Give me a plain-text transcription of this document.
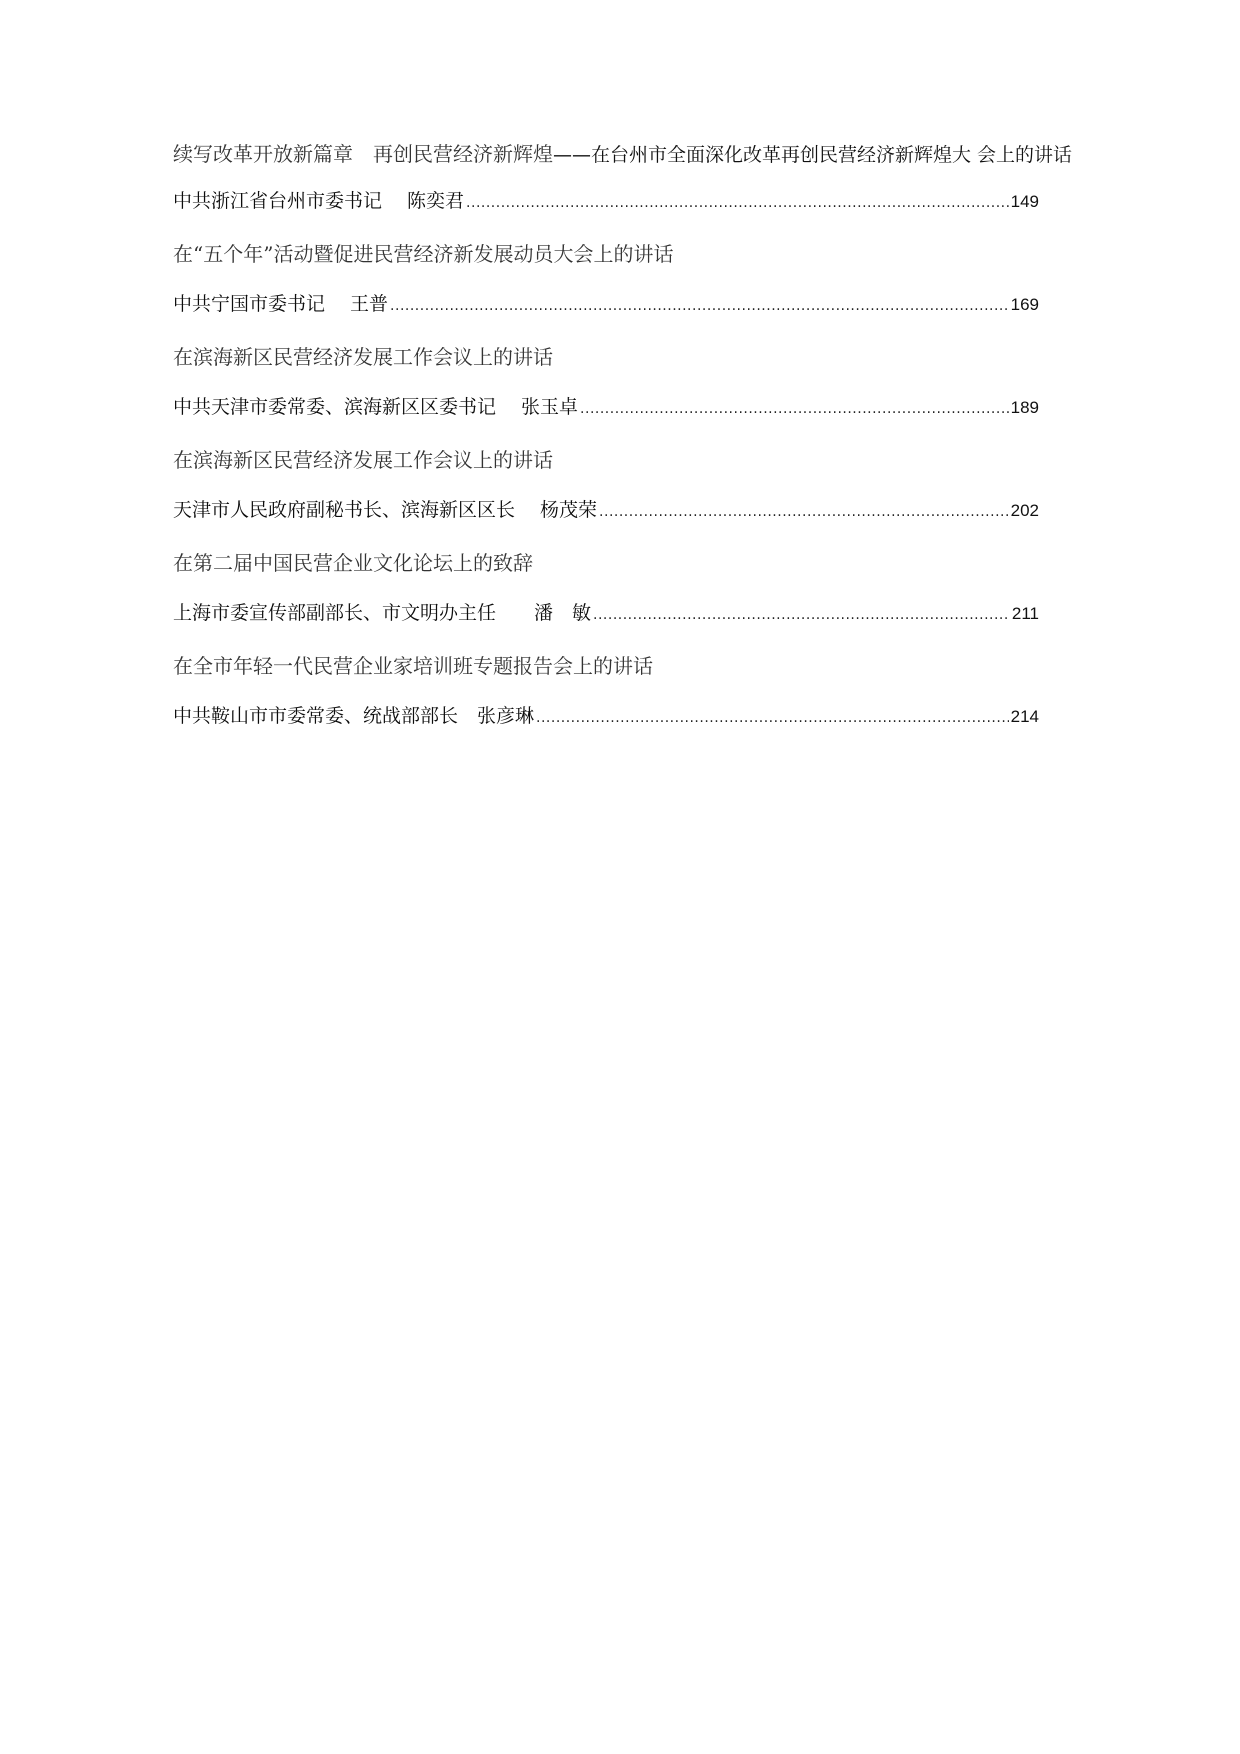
续写改革开放新篇章　再创民营经济新辉煌——在台州市全面深化改革再创民营经济新辉煌大 会上的讲话

中共浙江省台州市委书记　 陈奕君 .....	149

在“五个年”活动暨促进民营经济新发展动员大会上的讲话

中共宁国市委书记　 王普 .....	169

在滨海新区民营经济发展工作会议上的讲话

中共天津市委常委、滨海新区区委书记　 张玉卓 .....	189

在滨海新区民营经济发展工作会议上的讲话

天津市人民政府副秘书长、滨海新区区长　 杨茂荣 .....	202

在第二届中国民营企业文化论坛上的致辞

上海市委宣传部副部长、市文明办主任　　潘　敏 .....	211

在全市年轻一代民营企业家培训班专题报告会上的讲话

中共鞍山市市委常委、统战部部长　张彦琳 .....	214
